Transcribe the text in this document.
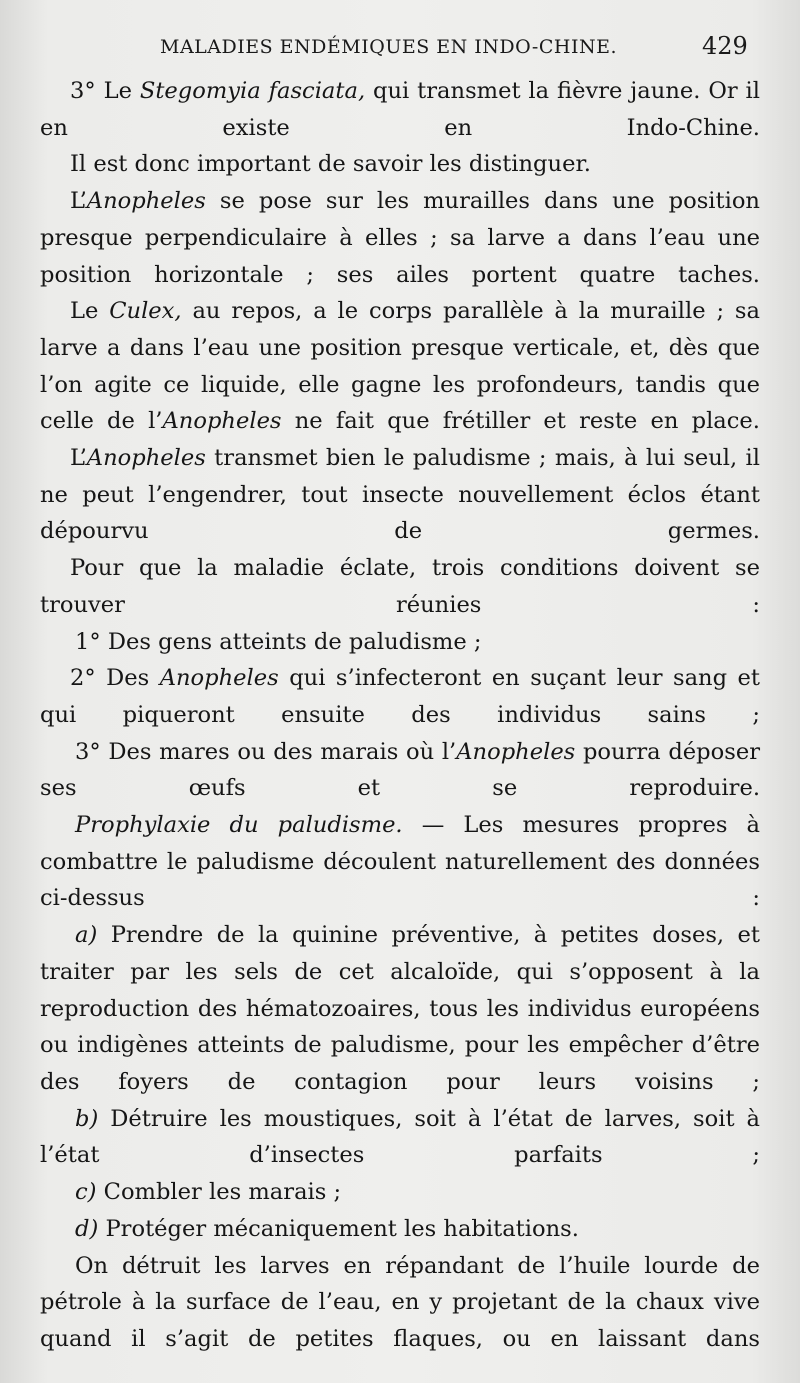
MALADIES ENDÉMIQUES EN INDO-CHINE.	429

3° Le Stegomyia fasciata, qui transmet la fièvre jaune. Or il en existe en Indo-Chine.

Il est donc important de savoir les distinguer.

L’Anopheles se pose sur les murailles dans une position presque perpendiculaire à elles ; sa larve a dans l’eau une position horizontale ; ses ailes portent quatre taches.

Le Culex, au repos, a le corps parallèle à la muraille ; sa larve a dans l’eau une position presque verticale, et, dès que l’on agite ce liquide, elle gagne les profondeurs, tandis que celle de l’Anopheles ne fait que frétiller et reste en place.

L’Anopheles transmet bien le paludisme ; mais, à lui seul, il ne peut l’engendrer, tout insecte nouvellement éclos étant dépourvu de germes.

Pour que la maladie éclate, trois conditions doivent se trouver réunies :

1° Des gens atteints de paludisme ;

2° Des Anopheles qui s’infecteront en suçant leur sang et qui piqueront ensuite des individus sains ;

3° Des mares ou des marais où l’Anopheles pourra déposer ses œufs et se reproduire.

Prophylaxie du paludisme. — Les mesures propres à combattre le paludisme découlent naturellement des données ci-dessus :

a) Prendre de la quinine préventive, à petites doses, et traiter par les sels de cet alcaloïde, qui s’opposent à la reproduction des hématozoaires, tous les individus européens ou indigènes atteints de paludisme, pour les empêcher d’être des foyers de contagion pour leurs voisins ;

b) Détruire les moustiques, soit à l’état de larves, soit à l’état d’insectes parfaits ;

c) Combler les marais ;

d) Protéger mécaniquement les habitations.

On détruit les larves en répandant de l’huile lourde de pétrole à la surface de l’eau, en y projetant de la chaux vive quand il s’agit de petites flaques, ou en laissant dans
